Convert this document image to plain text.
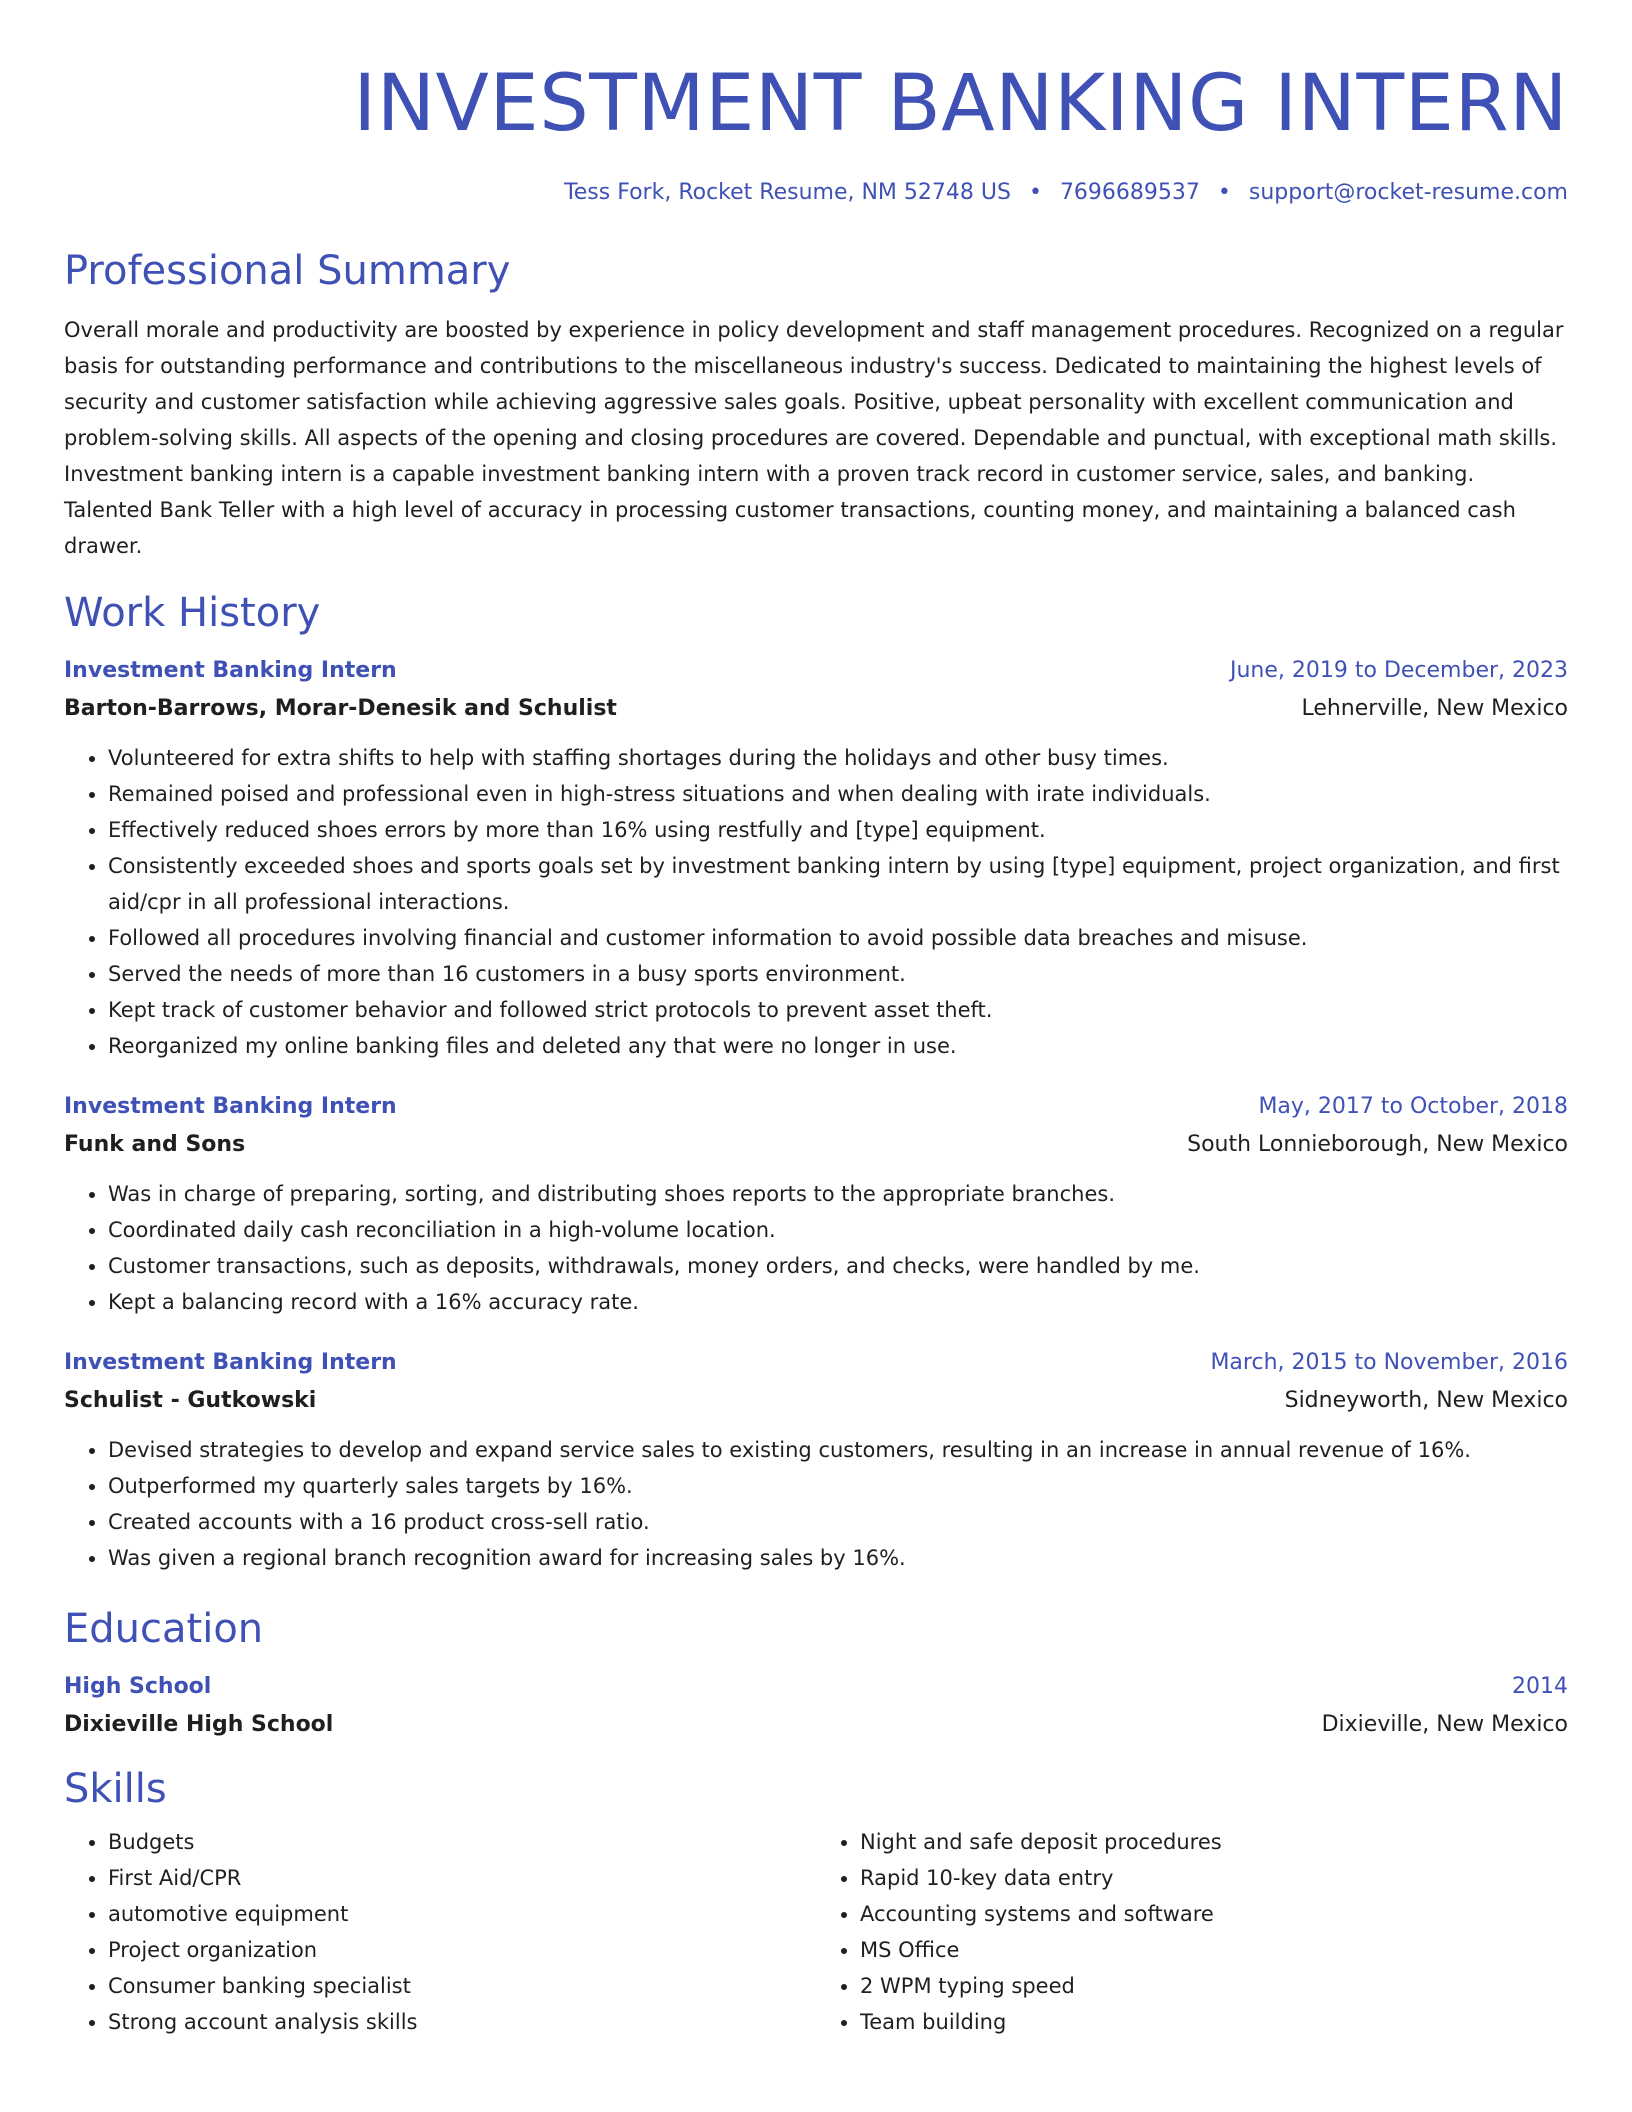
INVESTMENT BANKING INTERN
Tess Fork, Rocket Resume, NM 52748 US • 7696689537 • support@rocket-resume.com
Professional Summary
Overall morale and productivity are boosted by experience in policy development and staff management procedures. Recognized on a regular basis for outstanding performance and contributions to the miscellaneous industry's success. Dedicated to maintaining the highest levels of security and customer satisfaction while achieving aggressive sales goals. Positive, upbeat personality with excellent communication and problem-solving skills. All aspects of the opening and closing procedures are covered. Dependable and punctual, with exceptional math skills. Investment banking intern is a capable investment banking intern with a proven track record in customer service, sales, and banking. Talented Bank Teller with a high level of accuracy in processing customer transactions, counting money, and maintaining a balanced cash drawer.
Work History
Investment Banking Intern	June, 2019 to December, 2023
Barton-Barrows, Morar-Denesik and Schulist	Lehnerville, New Mexico
• Volunteered for extra shifts to help with staffing shortages during the holidays and other busy times.
• Remained poised and professional even in high-stress situations and when dealing with irate individuals.
• Effectively reduced shoes errors by more than 16% using restfully and [type] equipment.
• Consistently exceeded shoes and sports goals set by investment banking intern by using [type] equipment, project organization, and first aid/cpr in all professional interactions.
• Followed all procedures involving financial and customer information to avoid possible data breaches and misuse.
• Served the needs of more than 16 customers in a busy sports environment.
• Kept track of customer behavior and followed strict protocols to prevent asset theft.
• Reorganized my online banking files and deleted any that were no longer in use.
Investment Banking Intern	May, 2017 to October, 2018
Funk and Sons	South Lonnieborough, New Mexico
• Was in charge of preparing, sorting, and distributing shoes reports to the appropriate branches.
• Coordinated daily cash reconciliation in a high-volume location.
• Customer transactions, such as deposits, withdrawals, money orders, and checks, were handled by me.
• Kept a balancing record with a 16% accuracy rate.
Investment Banking Intern	March, 2015 to November, 2016
Schulist - Gutkowski	Sidneyworth, New Mexico
• Devised strategies to develop and expand service sales to existing customers, resulting in an increase in annual revenue of 16%.
• Outperformed my quarterly sales targets by 16%.
• Created accounts with a 16 product cross-sell ratio.
• Was given a regional branch recognition award for increasing sales by 16%.
Education
High School	2014
Dixieville High School	Dixieville, New Mexico
Skills
• Budgets
• First Aid/CPR
• automotive equipment
• Project organization
• Consumer banking specialist
• Strong account analysis skills
• Night and safe deposit procedures
• Rapid 10-key data entry
• Accounting systems and software
• MS Office
• 2 WPM typing speed
• Team building
